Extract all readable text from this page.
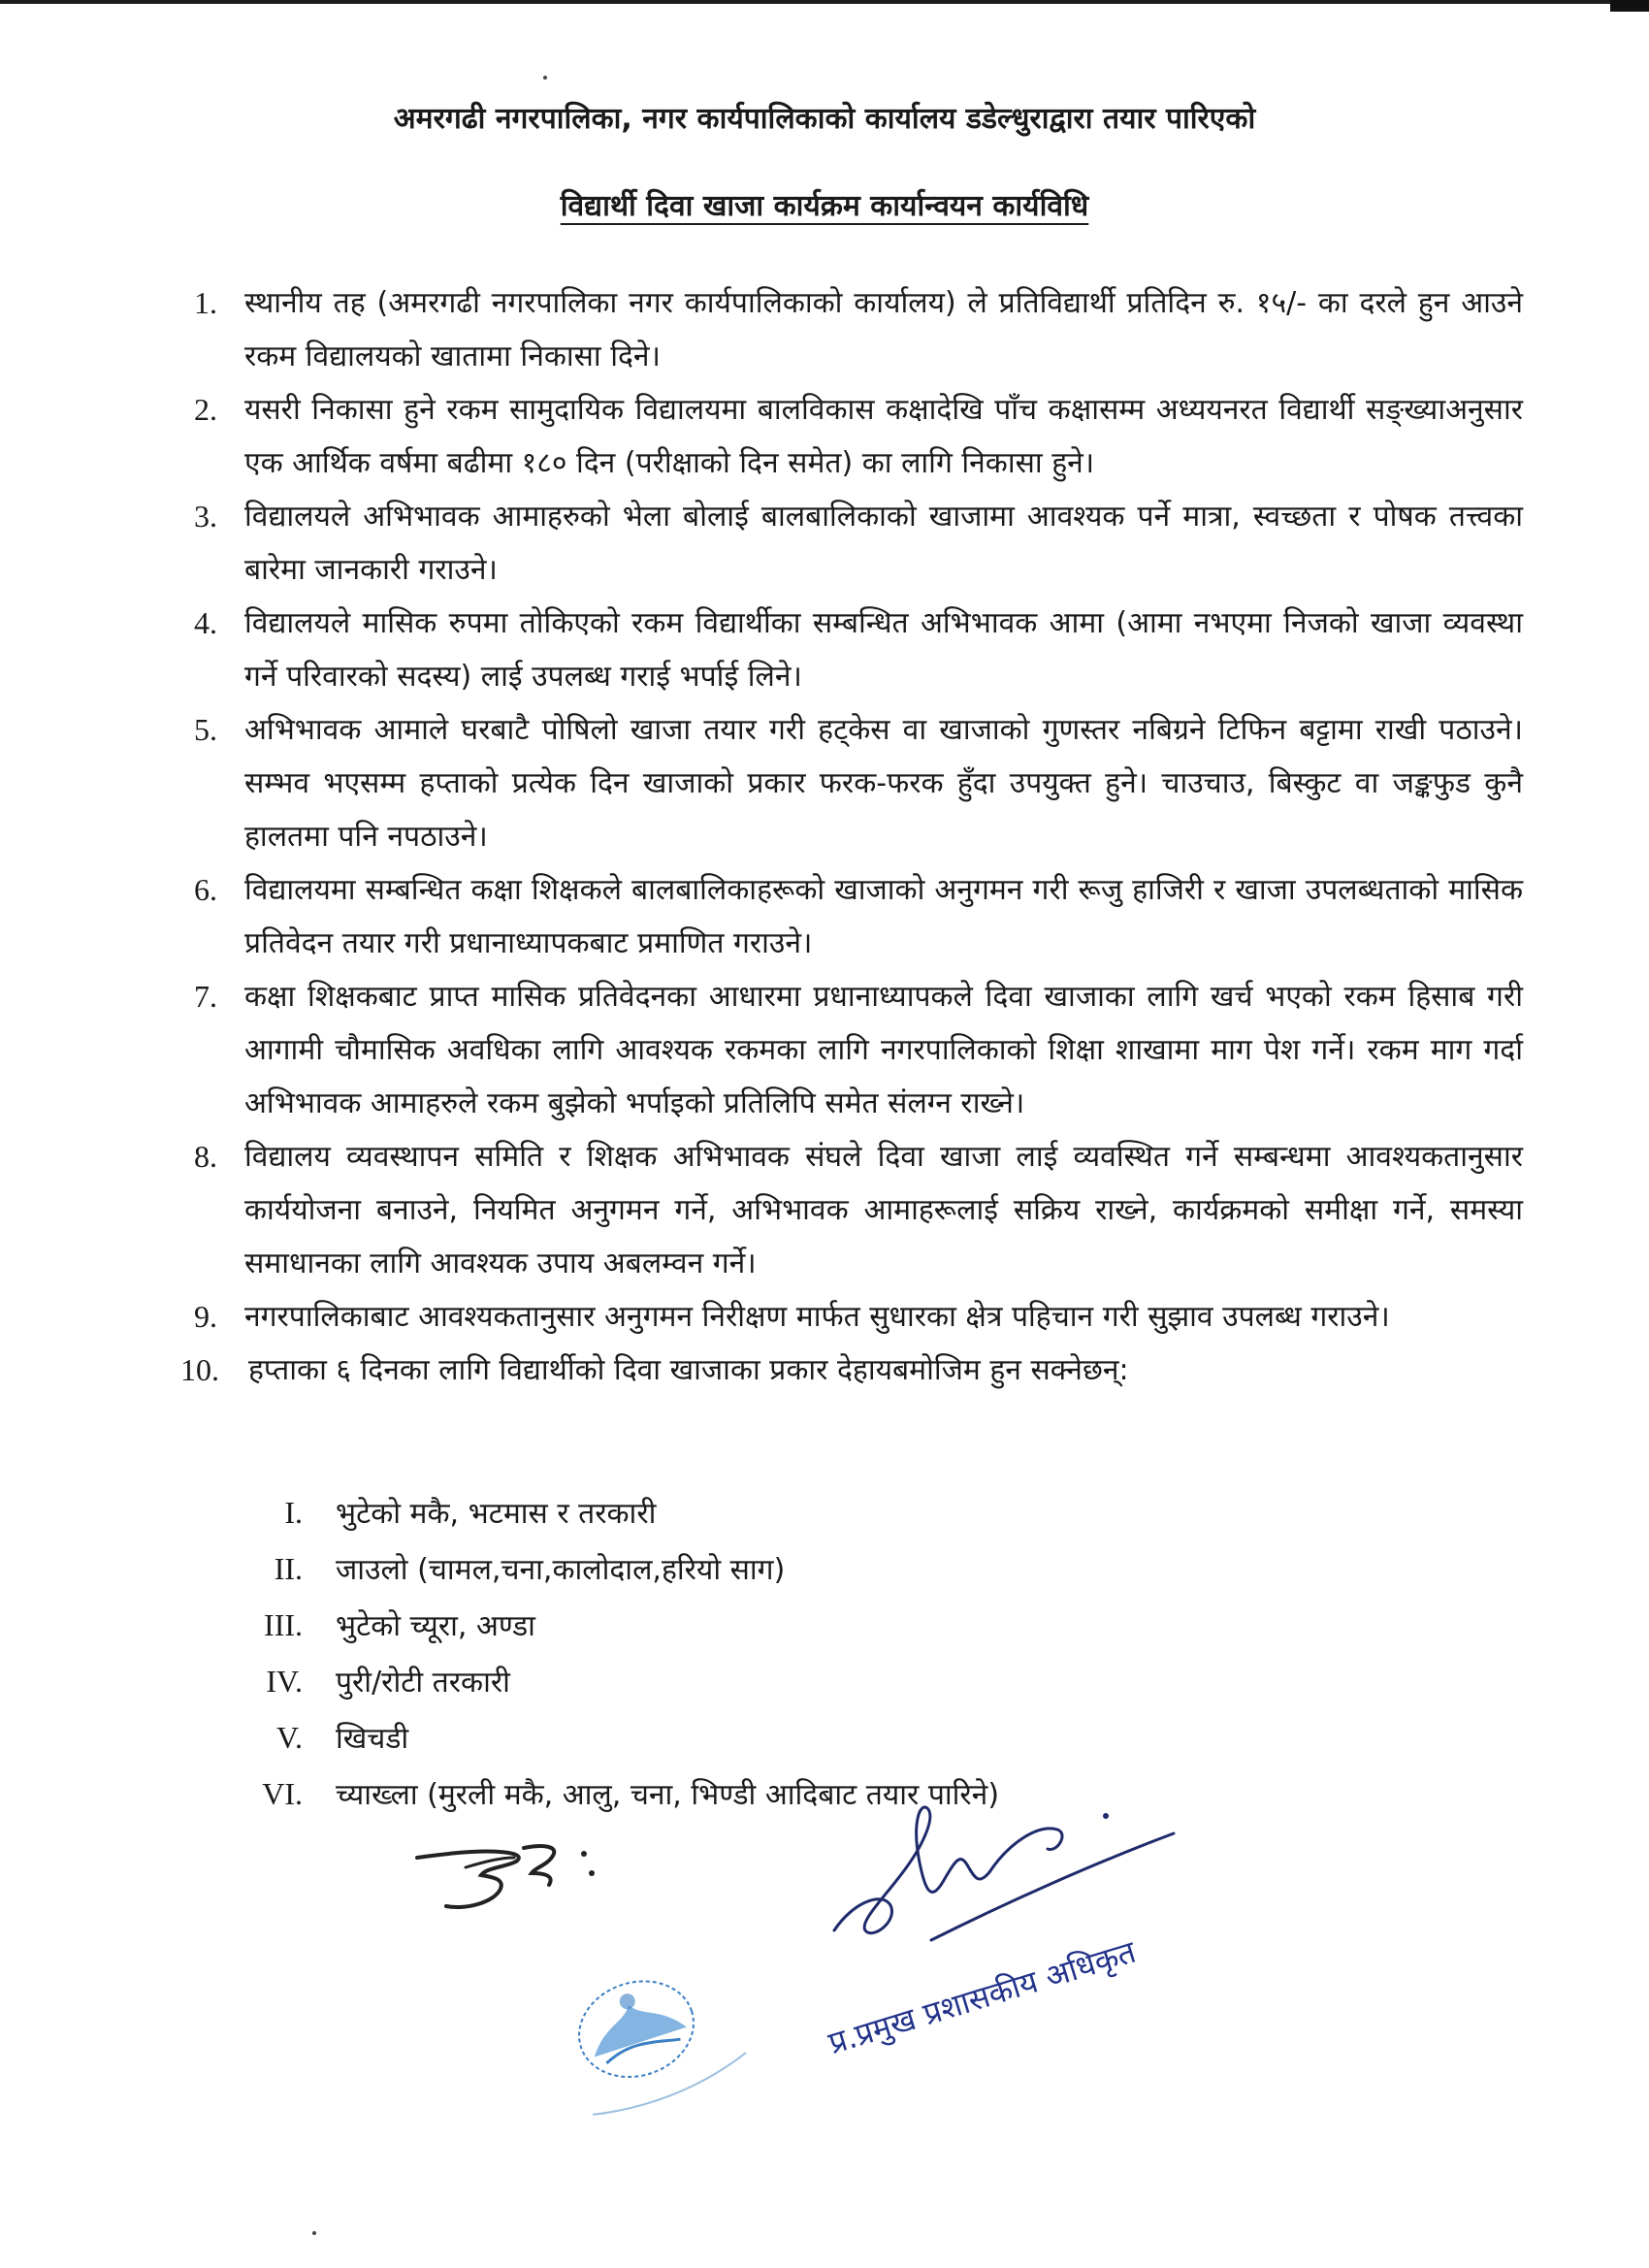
अमरगढी नगरपालिका, नगर कार्यपालिकाको कार्यालय डडेल्धुराद्वारा तयार पारिएको
विद्यार्थी दिवा खाजा कार्यक्रम कार्यान्वयन कार्यविधि
1. स्थानीय तह (अमरगढी नगरपालिका नगर कार्यपालिकाको कार्यालय) ले प्रतिविद्यार्थी प्रतिदिन रु. १५/- का दरले हुन आउने रकम विद्यालयको खातामा निकासा दिने।
2. यसरी निकासा हुने रकम सामुदायिक विद्यालयमा बालविकास कक्षादेखि पाँच कक्षासम्म अध्ययनरत विद्यार्थी सङ्ख्याअनुसार एक आर्थिक वर्षमा बढीमा १८० दिन (परीक्षाको दिन समेत) का लागि निकासा हुने।
3. विद्यालयले अभिभावक आमाहरुको भेला बोलाई बालबालिकाको खाजामा आवश्यक पर्ने मात्रा, स्वच्छता र पोषक तत्त्वका बारेमा जानकारी गराउने।
4. विद्यालयले मासिक रुपमा तोकिएको रकम विद्यार्थीका सम्बन्धित अभिभावक आमा (आमा नभएमा निजको खाजा व्यवस्था गर्ने परिवारको सदस्य) लाई उपलब्ध गराई भर्पाई लिने।
5. अभिभावक आमाले घरबाटै पोषिलो खाजा तयार गरी हट्केस वा खाजाको गुणस्तर नबिग्रने टिफिन बट्टामा राखी पठाउने। सम्भव भएसम्म हप्ताको प्रत्येक दिन खाजाको प्रकार फरक-फरक हुँदा उपयुक्त हुने। चाउचाउ, बिस्कुट वा जङ्कफुड कुनै हालतमा पनि नपठाउने।
6. विद्यालयमा सम्बन्धित कक्षा शिक्षकले बालबालिकाहरूको खाजाको अनुगमन गरी रूजु हाजिरी र खाजा उपलब्धताको मासिक प्रतिवेदन तयार गरी प्रधानाध्यापकबाट प्रमाणित गराउने।
7. कक्षा शिक्षकबाट प्राप्त मासिक प्रतिवेदनका आधारमा प्रधानाध्यापकले दिवा खाजाका लागि खर्च भएको रकम हिसाब गरी आगामी चौमासिक अवधिका लागि आवश्यक रकमका लागि नगरपालिकाको शिक्षा शाखामा माग पेश गर्ने। रकम माग गर्दा अभिभावक आमाहरुले रकम बुझेको भर्पाइको प्रतिलिपि समेत संलग्न राख्ने।
8. विद्यालय व्यवस्थापन समिति र शिक्षक अभिभावक संघले दिवा खाजा लाई व्यवस्थित गर्ने सम्बन्धमा आवश्यकतानुसार कार्ययोजना बनाउने, नियमित अनुगमन गर्ने, अभिभावक आमाहरूलाई सक्रिय राख्ने, कार्यक्रमको समीक्षा गर्ने, समस्या समाधानका लागि आवश्यक उपाय अबलम्वन गर्ने।
9. नगरपालिकाबाट आवश्यकतानुसार अनुगमन निरीक्षण मार्फत सुधारका क्षेत्र पहिचान गरी सुझाव उपलब्ध गराउने।
10. हप्ताका ६ दिनका लागि विद्यार्थीको दिवा खाजाका प्रकार देहायबमोजिम हुन सक्नेछन्:
I. भुटेको मकै, भटमास र तरकारी
II. जाउलो (चामल,चना,कालोदाल,हरियो साग)
III. भुटेको च्यूरा, अण्डा
IV. पुरी/रोटी तरकारी
V. खिचडी
VI. च्याख्ला (मुरली मकै, आलु, चना, भिण्डी आदिबाट तयार पारिने)
प्र.प्रमुख प्रशासकीय अधिकृत
